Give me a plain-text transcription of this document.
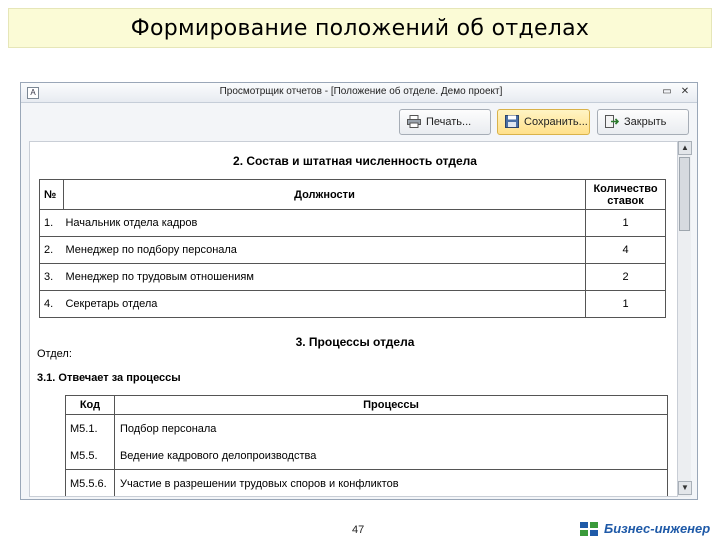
Формирование положений об отделах
A	Просмотрщик отчетов - [Положение об отделе. Демо проект]	▭ ✕
Печать...	Сохранить...	Закрыть
2. Состав и штатная численность отдела
№	Должности	Количество ставок
1.	Начальник отдела кадров	1
2.	Менеджер по подбору персонала	4
3.	Менеджер по трудовым отношениям	2
4.	Секретарь отдела	1
3. Процессы отдела
Отдел:
3.1. Отвечает за процессы
Код	Процессы
М5.1.	Подбор персонала
М5.5.	Ведение кадрового делопроизводства
М5.5.6.	Участие в разрешении трудовых споров и конфликтов
▲
▼
47	Бизнес-инженер
